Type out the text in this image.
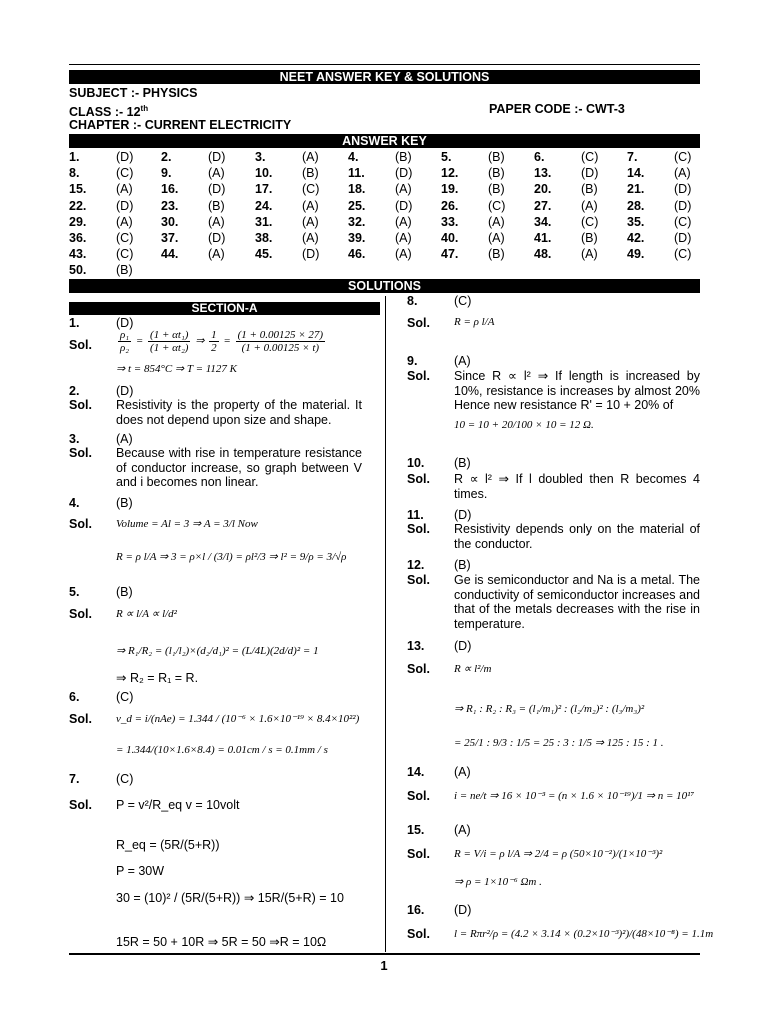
NEET ANSWER KEY & SOLUTIONS
SUBJECT :- PHYSICS
CLASS :- 12th	PAPER CODE :- CWT-3
CHAPTER :- CURRENT ELECTRICITY
ANSWER KEY
1.	(D) 2.	(D) 3.	(A) 4.	(B) 5.	(B) 6.	(C) 7.	(C)
8.	(C) 9.	(A) 10. (B) 11. (D) 12. (B) 13. (D) 14. (A)
15. (A) 16. (D) 17. (C) 18. (A) 19. (B) 20. (B) 21. (D)
22. (D) 23. (B) 24. (A) 25. (D) 26. (C) 27. (A) 28. (D)
29. (A) 30. (A) 31. (A) 32. (A) 33. (A) 34. (C) 35. (C)
36. (C) 37. (D) 38. (A) 39. (A) 40. (A) 41. (B) 42. (D)
43. (C) 44. (A) 45. (D) 46. (A) 47. (B) 48. (A) 49. (C)
50. (B)
SOLUTIONS
SECTION-A
1.	(D)
Sol. $\frac{\text{ρ₁}}{\text{ρ₂}} = \frac{\text{(1 + αt₁)}}{\text{(1 + αt₂)}}$ ⇒ $\frac{1}{2} = \frac{(1 + 0.00125 \times 27)}{(1 + 0.00125 \times t)}$
⇒ t = 854°C ⇒ T = 1127 K
2.	(D)
Sol. Resistivity is the property of the material. It does not depend upon size and shape.
3.	(A)
Sol. Because with rise in temperature resistance of conductor increase, so graph between V and i becomes non linear.
4.	(B)
Sol. Volume = Al = 3 ⇒ A = 3/l Now
R = ρ l/A ⇒ 3 = ρ×l / (3/l) = ρl²/3 ⇒ l² = 9/ρ = 3/√ρ
5.	(B)
Sol. R ∝ l/A ∝ l/d²
⇒ R₁/R₂ = (l₁/l₂)×(d₂/d₁)² = (L/4L)(2d/d)² = 1
⇒ R₂ = R₁ = R.
6.	(C)
Sol. v_d = i/(nAe) = 1.344 / (10⁻⁶ × 1.6×10⁻¹⁹ × 8.4×10²²)
= 1.344/(10×1.6×8.4) = 0.01cm / s = 0.1mm / s
7.	(C)
Sol. P = v²/R_eq v = 10volt
R_eq = (5R/(5+R))
P = 30W
30 = (10)² / (5R/(5+R)) ⇒ 15R/(5+R) = 10
15R = 50 + 10R ⇒ 5R = 50 ⇒R = 10Ω
8.	(C)
Sol. R = ρ l/A
9.	(A)
Sol. Since R ∝ l² ⇒ If length is increased by 10%, resistance is increases by almost 20% Hence new resistance R' = 10 + 20% of
10 = 10 + 20/100 × 10 = 12 Ω.
10. (B)
Sol. R ∝ l² ⇒ If l doubled then R becomes 4 times.
11. (D)
Sol. Resistivity depends only on the material of the conductor.
12. (B)
Sol. Ge is semiconductor and Na is a metal. The conductivity of semiconductor increases and that of the metals decreases with the rise in temperature.
13. (D)
Sol. R ∝ l²/m
⇒ R₁ : R₂ : R₃ = (l₁/m₁)² : (l₂/m₂)² : (l₃/m₃)²
= 25/1 : 9/3 : 1/5 = 25 : 3 : 1/5 ⇒ 125 : 15 : 1 .
14. (A)
Sol. i = ne/t ⇒ 16 × 10⁻³ = (n × 1.6 × 10⁻¹⁹)/1 ⇒ n = 10¹⁷
15. (A)
Sol. R = V/i = ρ l/A ⇒ 2/4 = ρ (50×10⁻²)/(1×10⁻³)²
⇒ ρ = 1×10⁻⁶ Ωm .
16. (D)
Sol. l = Rπr²/ρ = (4.2 × 3.14 × (0.2×10⁻³)²)/(48×10⁻⁸) = 1.1m
1
